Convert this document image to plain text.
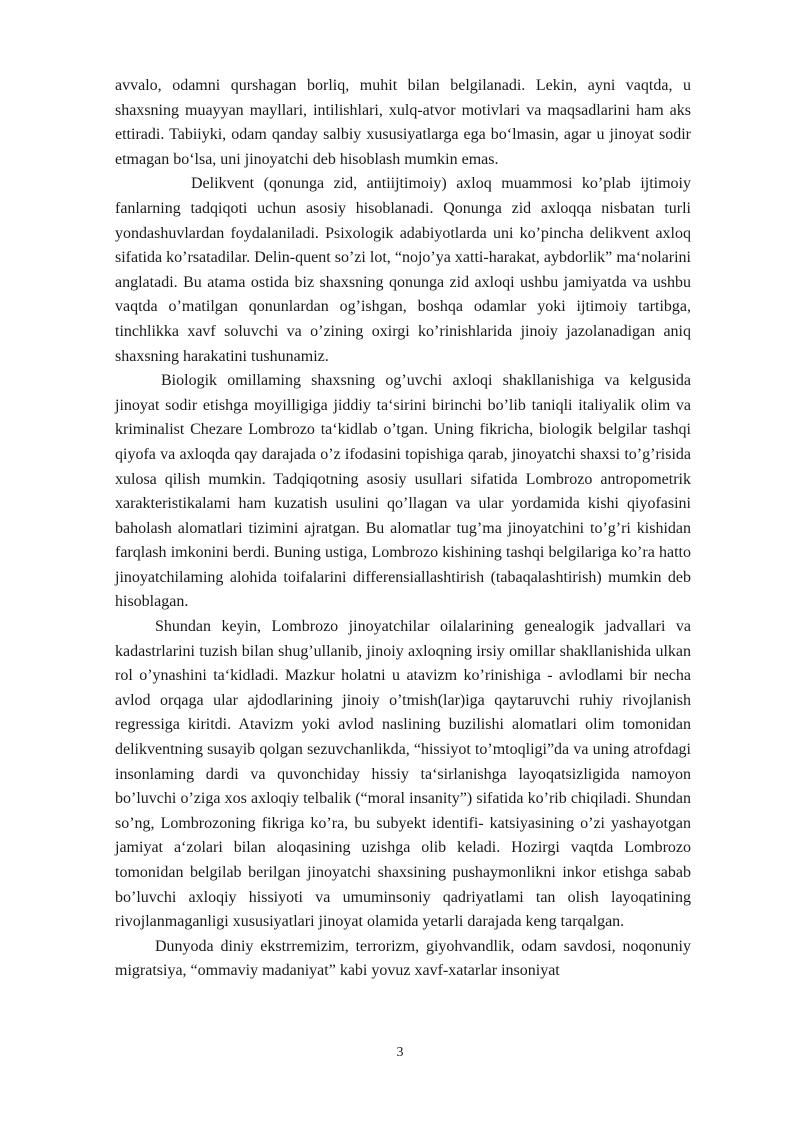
avvalo, odamni qurshagan borliq, muhit bilan belgilanadi. Lekin, ayni vaqtda, u shaxsning muayyan mayllari, intilishlari, xulq-atvor motivlari va maqsadlarini ham aks ettiradi. Tabiiyki, odam qanday salbiy xususiyatlarga ega bo‘lmasin, agar u jinoyat sodir etmagan bo‘lsa, uni jinoyatchi deb hisoblash mumkin emas.

Delikvent (qonunga zid, antiijtimoiy) axloq muammosi ko’plab ijtimoiy fanlarning tadqiqoti uchun asosiy hisoblanadi. Qonunga zid axloqqa nisbatan turli yondashuvlardan foydalaniladi. Psixologik adabiyotlarda uni ko’pincha delikvent axloq sifatida ko’rsatadilar. Delin-quent so’zi lot, “nojo’ya xatti-harakat, aybdorlik” ma‘nolarini anglatadi. Bu atama ostida biz shaxsning qonunga zid axloqi ushbu jamiyatda va ushbu vaqtda o’matilgan qonunlardan og’ishgan, boshqa odamlar yoki ijtimoiy tartibga, tinchlikka xavf soluvchi va o’zining oxirgi ko’rinishlarida jinoiy jazolanadigan aniq shaxsning harakatini tushunamiz.

Biologik omillaming shaxsning og’uvchi axloqi shakllanishiga va kelgusida jinoyat sodir etishga moyilligiga jiddiy ta‘sirini birinchi bo’lib taniqli italiyalik olim va kriminalist Chezare Lombrozo ta‘kidlab o’tgan. Uning fikricha, biologik belgilar tashqi qiyofa va axloqda qay darajada o’z ifodasini topishiga qarab, jinoyatchi shaxsi to’g’risida xulosa qilish mumkin. Tadqiqotning asosiy usullari sifatida Lombrozo antropometrik xarakteristikalami ham kuzatish usulini qo’llagan va ular yordamida kishi qiyofasini baholash alomatlari tizimini ajratgan. Bu alomatlar tug’ma jinoyatchini to’g’ri kishidan farqlash imkonini berdi. Buning ustiga, Lombrozo kishining tashqi belgilariga ko’ra hatto jinoyatchilaming alohida toifalarini differensiallashtirish (tabaqalashtirish) mumkin deb hisoblagan.

Shundan keyin, Lombrozo jinoyatchilar oilalarining genealogik jadvallari va kadastrlarini tuzish bilan shug’ullanib, jinoiy axloqning irsiy omillar shakllanishida ulkan rol o’ynashini ta‘kidladi. Mazkur holatni u atavizm ko’rinishiga - avlodlami bir necha avlod orqaga ular ajdodlarining jinoiy o’tmish(lar)iga qaytaruvchi ruhiy rivojlanish regressiga kiritdi. Atavizm yoki avlod naslining buzilishi alomatlari olim tomonidan delikventning susayib qolgan sezuvchanlikda, “hissiyot to’mtoqligi”da va uning atrofdagi insonlaming dardi va quvonchiday hissiy ta‘sirlanishga layoqatsizligida namoyon bo’luvchi o’ziga xos axloqiy telbalik (“moral insanity”) sifatida ko’rib chiqiladi. Shundan so’ng, Lombrozoning fikriga ko’ra, bu subyekt identifi- katsiyasining o’zi yashayotgan jamiyat a‘zolari bilan aloqasining uzishga olib keladi. Hozirgi vaqtda Lombrozo tomonidan belgilab berilgan jinoyatchi shaxsining pushaymonlikni inkor etishga sabab bo’luvchi axloqiy hissiyoti va umuminsoniy qadriyatlami tan olish layoqatining rivojlanmaganligi xususiyatlari jinoyat olamida yetarli darajada keng tarqalgan.

Dunyoda diniy ekstrremizim, terrorizm, giyohvandlik, odam savdosi, noqonuniy migratsiya, “ommaviy madaniyat” kabi yovuz xavf-xatarlar insoniyat

3
